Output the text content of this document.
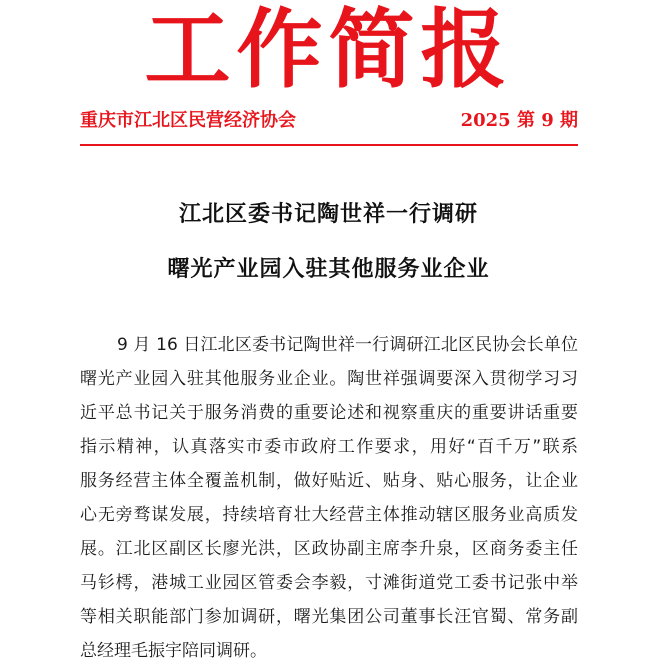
工作简报
重庆市江北区民营经济协会	2025 第 9 期
江北区委书记陶世祥一行调研
曙光产业园入驻其他服务业企业
9 月 16 日江北区委书记陶世祥一行调研江北区民协会长单位
曙光产业园入驻其他服务业企业。陶世祥强调要深入贯彻学习习
近平总书记关于服务消费的重要论述和视察重庆的重要讲话重要
指示精神，认真落实市委市政府工作要求，用好“百千万”联系
服务经营主体全覆盖机制，做好贴近、贴身、贴心服务，让企业
心无旁骛谋发展，持续培育壮大经营主体推动辖区服务业高质发
展。江北区副区长廖光洪，区政协副主席李升泉，区商务委主任
马钐樗，港城工业园区管委会李毅，寸滩街道党工委书记张中举
等相关职能部门参加调研，曙光集团公司董事长汪官蜀、常务副
总经理毛振宇陪同调研。
